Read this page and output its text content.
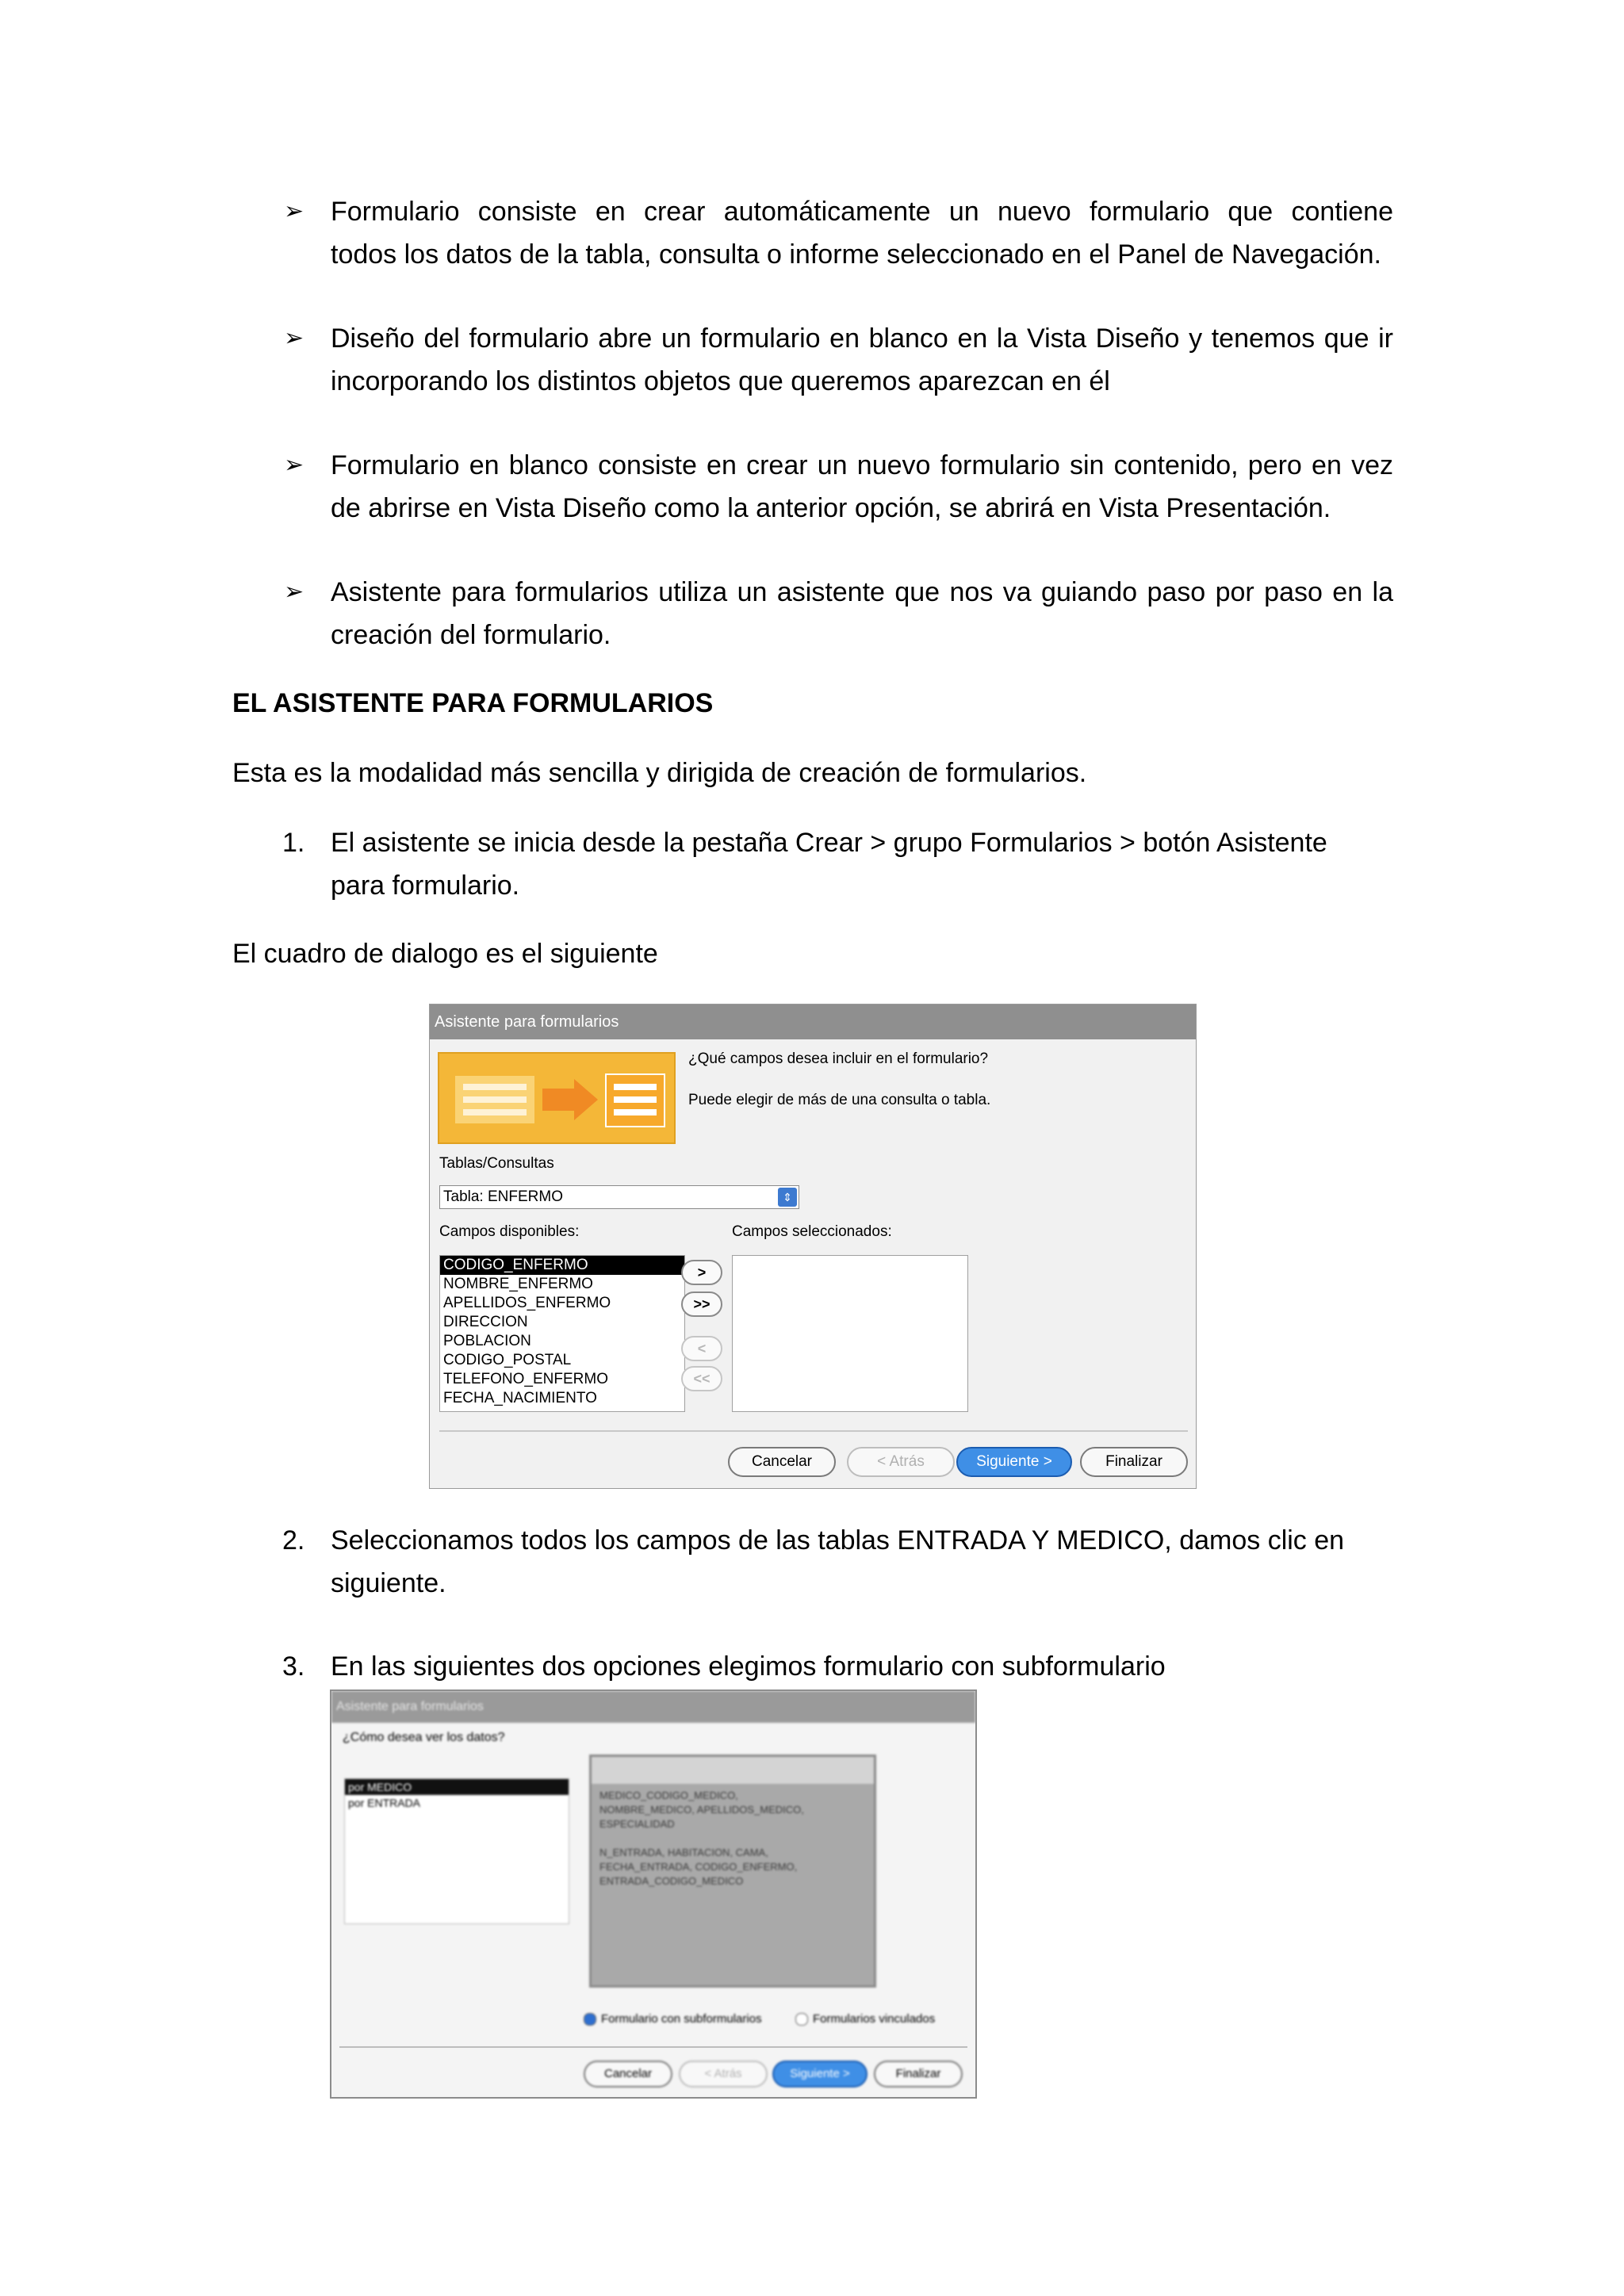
➢ Formulario consiste en crear automáticamente un nuevo formulario que contiene
todos los datos de la tabla, consulta o informe seleccionado en el Panel de Navegación.
➢ Diseño del formulario abre un formulario en blanco en la Vista Diseño y tenemos que ir
incorporando los distintos objetos que queremos aparezcan en él
➢ Formulario en blanco consiste en crear un nuevo formulario sin contenido, pero en vez
de abrirse en Vista Diseño como la anterior opción, se abrirá en Vista Presentación.
➢ Asistente para formularios utiliza un asistente que nos va guiando paso por paso en la
creación del formulario.
EL ASISTENTE PARA FORMULARIOS
Esta es la modalidad más sencilla y dirigida de creación de formularios.
1. El asistente se inicia desde la pestaña Crear > grupo Formularios > botón Asistente
para formulario.
El cuadro de dialogo es el siguiente
Asistente para formularios
¿Qué campos desea incluir en el formulario?
Puede elegir de más de una consulta o tabla.
Tablas/Consultas
Tabla: ENFERMO	⇕
Campos disponibles:	Campos seleccionados:
CODIGO_ENFERMO
NOMBRE_ENFERMO
APELLIDOS_ENFERMO
DIRECCION
POBLACION
CODIGO_POSTAL
TELEFONO_ENFERMO
FECHA_NACIMIENTO
>
>>
<
<<
Cancelar	< Atrás	Siguiente >	Finalizar
2. Seleccionamos todos los campos de las tablas ENTRADA Y MEDICO, damos clic en
siguiente.
3. En las siguientes dos opciones elegimos formulario con subformulario
Asistente para formularios
¿Cómo desea ver los datos?
por MEDICO
por ENTRADA
MEDICO_CODIGO_MEDICO,
NOMBRE_MEDICO, APELLIDOS_MEDICO,
ESPECIALIDAD
N_ENTRADA, HABITACION, CAMA,
FECHA_ENTRADA, CODIGO_ENFERMO,
ENTRADA_CODIGO_MEDICO
Formulario con subformularios	Formularios vinculados
Cancelar	< Atrás	Siguiente >	Finalizar
